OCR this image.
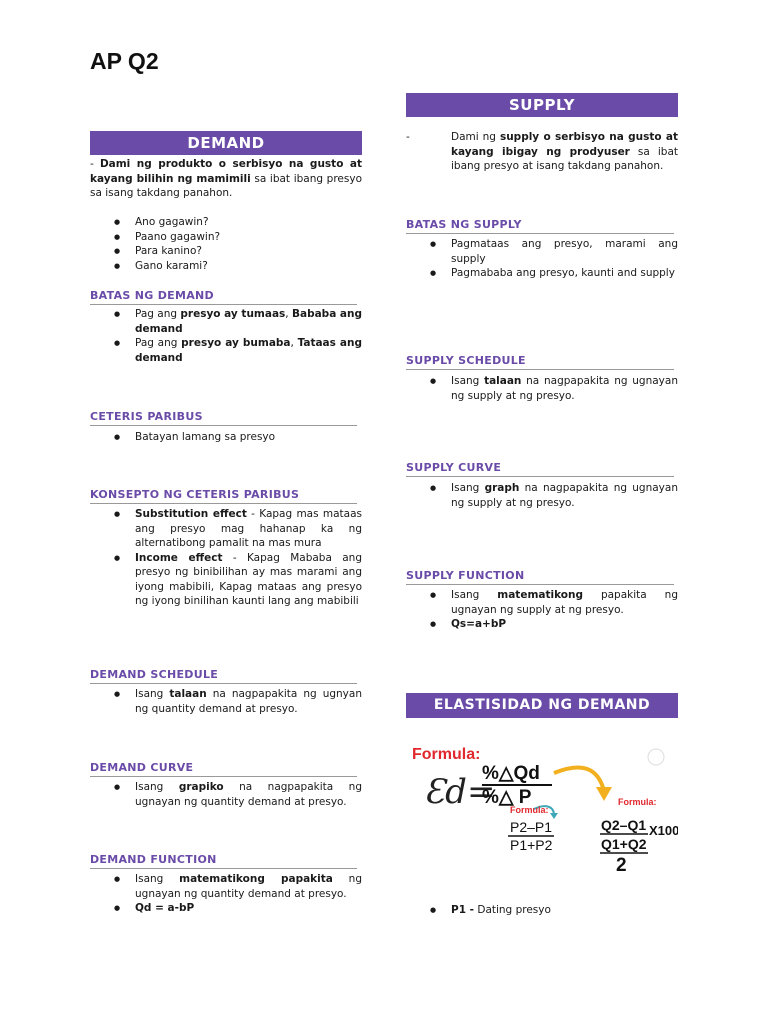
AP Q2
SUPPLY
-	Dami ng supply o serbisyo na gusto at kayang ibigay ng prodyuser sa ibat ibang presyo at isang takdang panahon.
BATAS NG SUPPLY
● Pagmataas ang presyo, marami ang supply
● Pagmababa ang presyo, kaunti and supply
SUPPLY SCHEDULE
● Isang talaan na nagpapakita ng ugnayan ng supply at ng presyo.
SUPPLY CURVE
● Isang graph na nagpapakita ng ugnayan ng supply at ng presyo.
SUPPLY FUNCTION
● Isang matematikong papakita ng ugnayan ng supply at ng presyo.
● Qs=a+bP
ELASTISIDAD NG DEMAND
Formula:
Ɛd=
%△Qd
%△ P
Formula:
Formula:
P2–P1
P1+P2
Q2–Q1 X100
Q1+Q2
2
● P1 - Dating presyo
DEMAND
- Dami ng produkto o serbisyo na gusto at kayang bilihin ng mamimili sa ibat ibang presyo sa isang takdang panahon.
● Ano gagawin?
● Paano gagawin?
● Para kanino?
● Gano karami?
BATAS NG DEMAND
● Pag ang presyo ay tumaas, Bababa ang demand
● Pag ang presyo ay bumaba, Tataas ang demand
CETERIS PARIBUS
● Batayan lamang sa presyo
KONSEPTO NG CETERIS PARIBUS
● Substitution effect - Kapag mas mataas ang presyo mag hahanap ka ng alternatibong pamalit na mas mura
● Income effect - Kapag Mababa ang presyo ng binibilihan ay mas marami ang iyong mabibili, Kapag mataas ang presyo ng iyong binilihan kaunti lang ang mabibili
DEMAND SCHEDULE
● Isang talaan na nagpapakita ng ugnyan ng quantity demand at presyo.
DEMAND CURVE
● Isang grapiko na nagpapakita ng ugnayan ng quantity demand at presyo.
DEMAND FUNCTION
● Isang matematikong papakita ng ugnayan ng quantity demand at presyo.
● Qd = a-bP
